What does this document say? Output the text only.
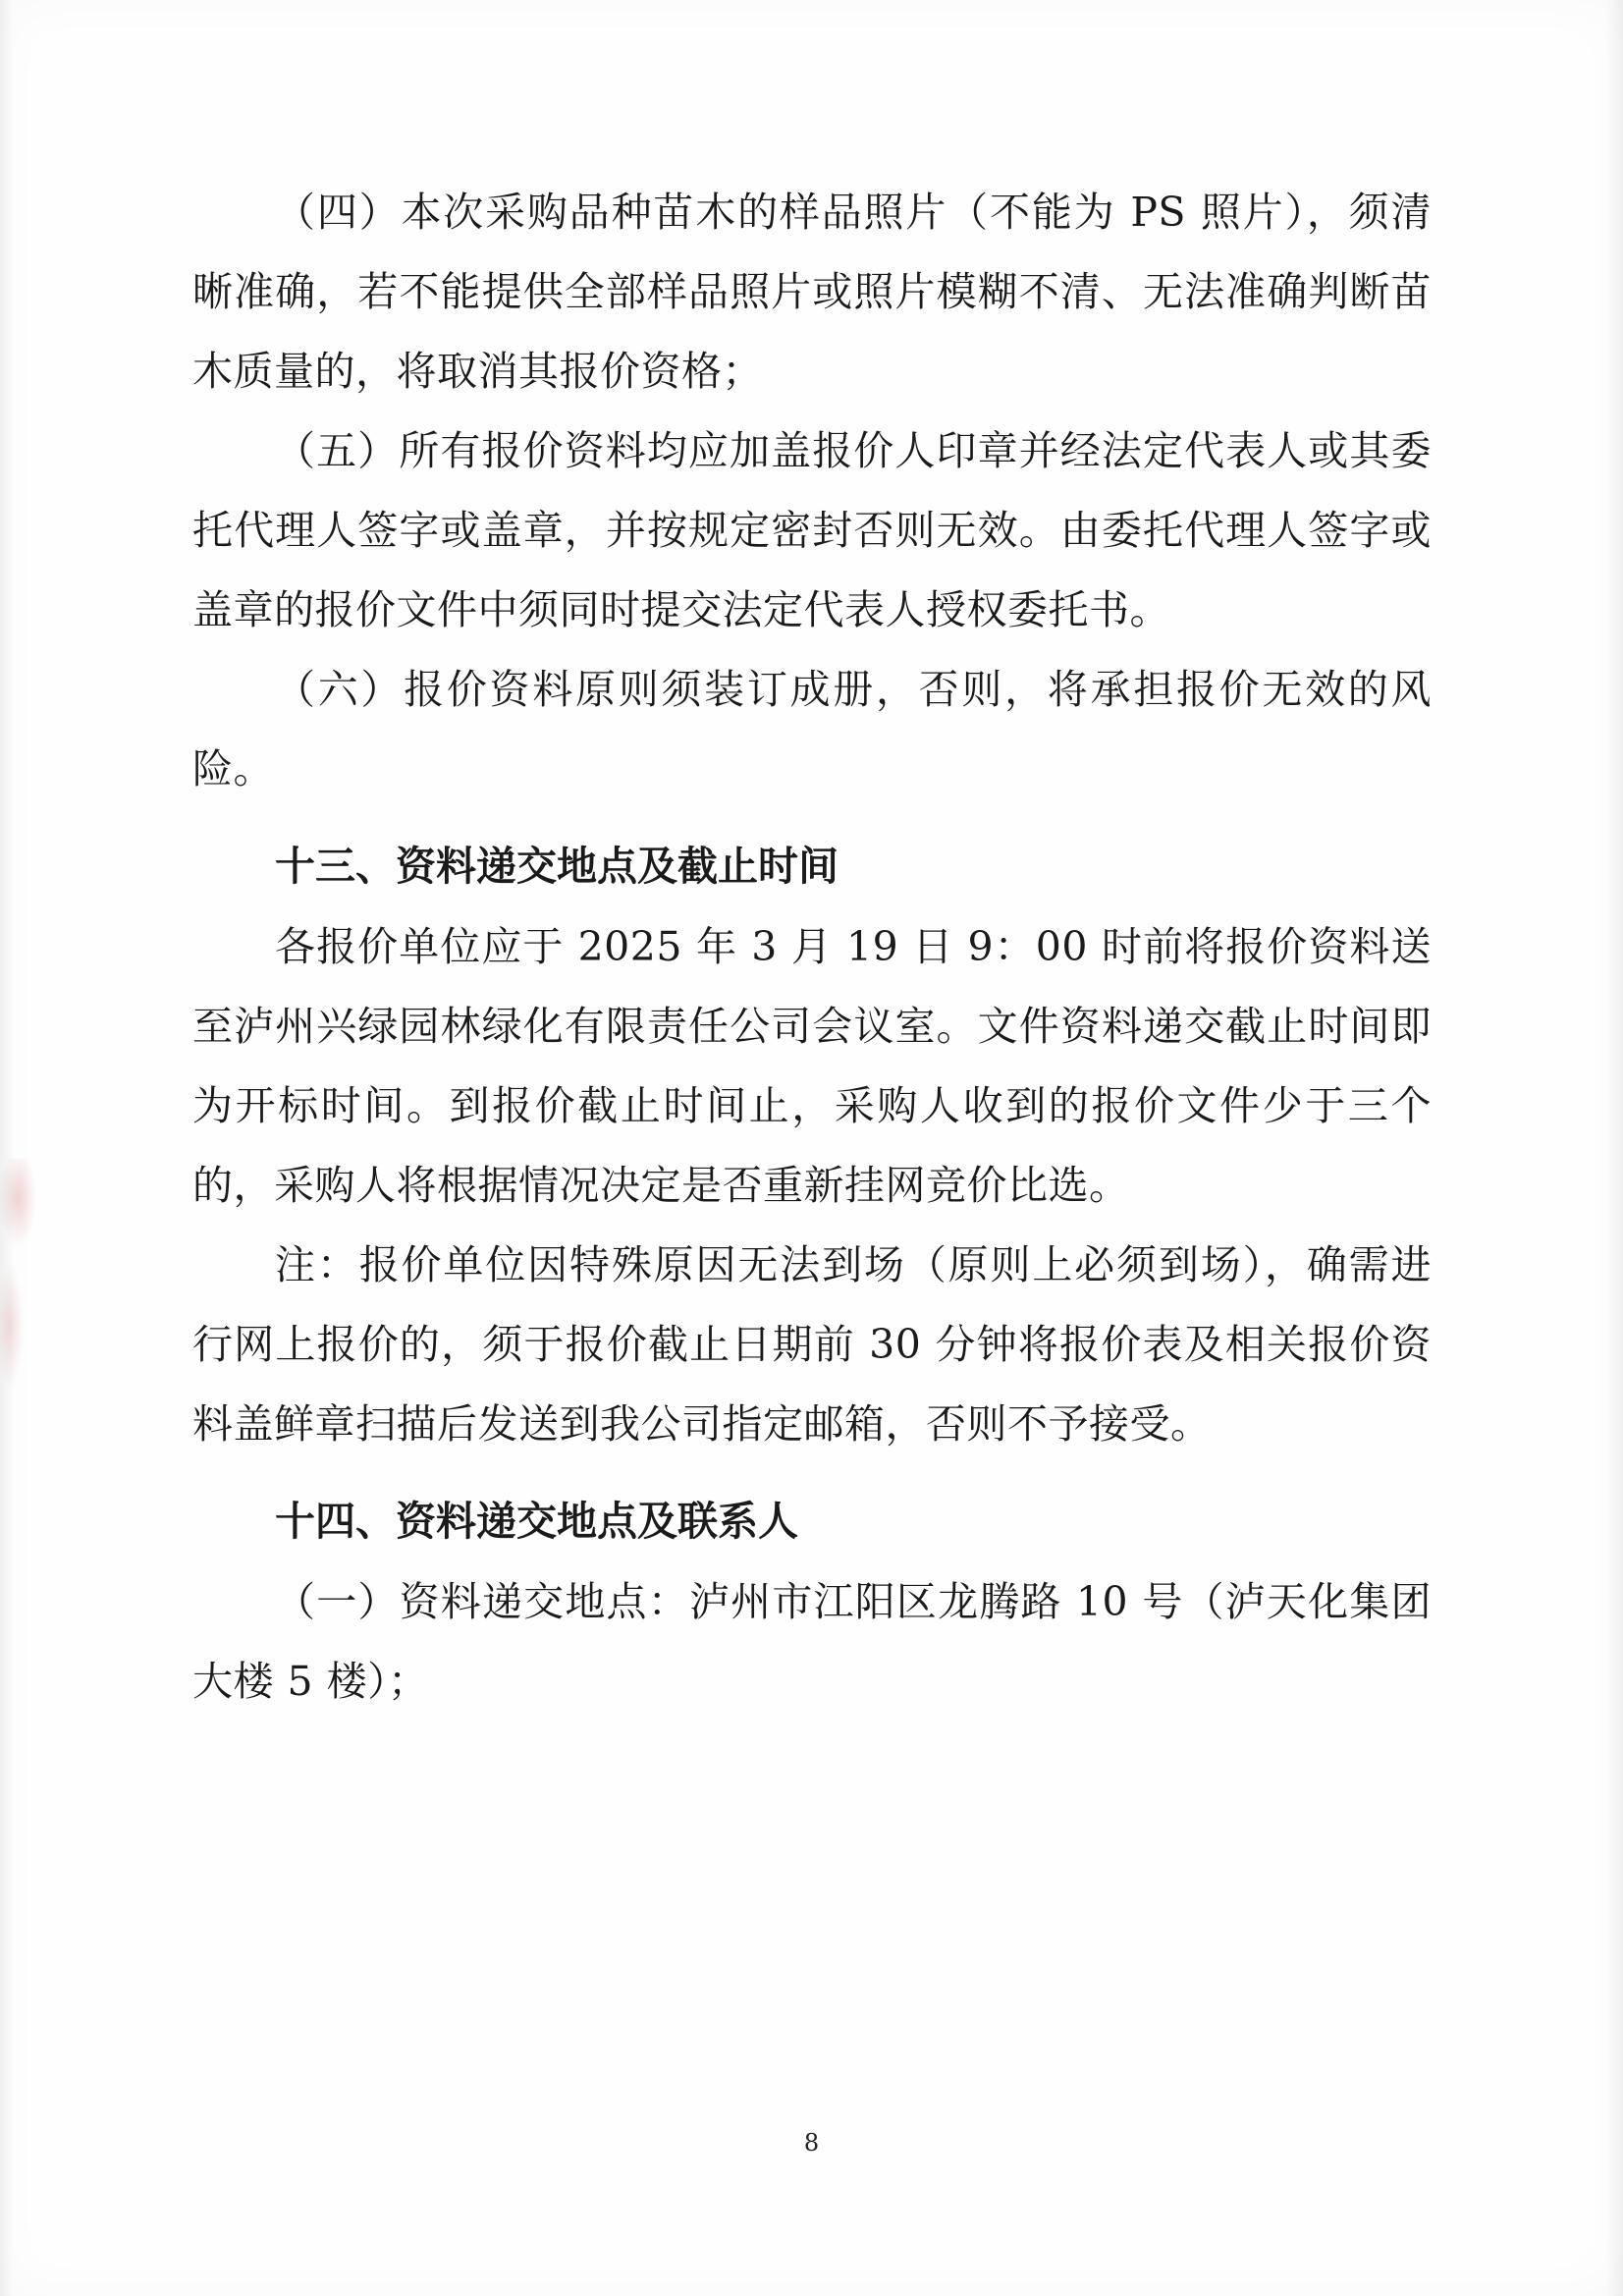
（四）本次采购品种苗木的样品照片（不能为 PS 照片），须清晰准确，若不能提供全部样品照片或照片模糊不清、无法准确判断苗木质量的，将取消其报价资格；

（五）所有报价资料均应加盖报价人印章并经法定代表人或其委托代理人签字或盖章，并按规定密封否则无效。由委托代理人签字或盖章的报价文件中须同时提交法定代表人授权委托书。

（六）报价资料原则须装订成册，否则，将承担报价无效的风险。

十三、资料递交地点及截止时间

各报价单位应于 2025 年 3 月 19 日 9：00 时前将报价资料送至泸州兴绿园林绿化有限责任公司会议室。文件资料递交截止时间即为开标时间。到报价截止时间止，采购人收到的报价文件少于三个的，采购人将根据情况决定是否重新挂网竞价比选。

注：报价单位因特殊原因无法到场（原则上必须到场），确需进行网上报价的，须于报价截止日期前 30 分钟将报价表及相关报价资料盖鲜章扫描后发送到我公司指定邮箱，否则不予接受。

十四、资料递交地点及联系人

（一）资料递交地点：泸州市江阳区龙腾路 10 号（泸天化集团大楼 5 楼）；

8
